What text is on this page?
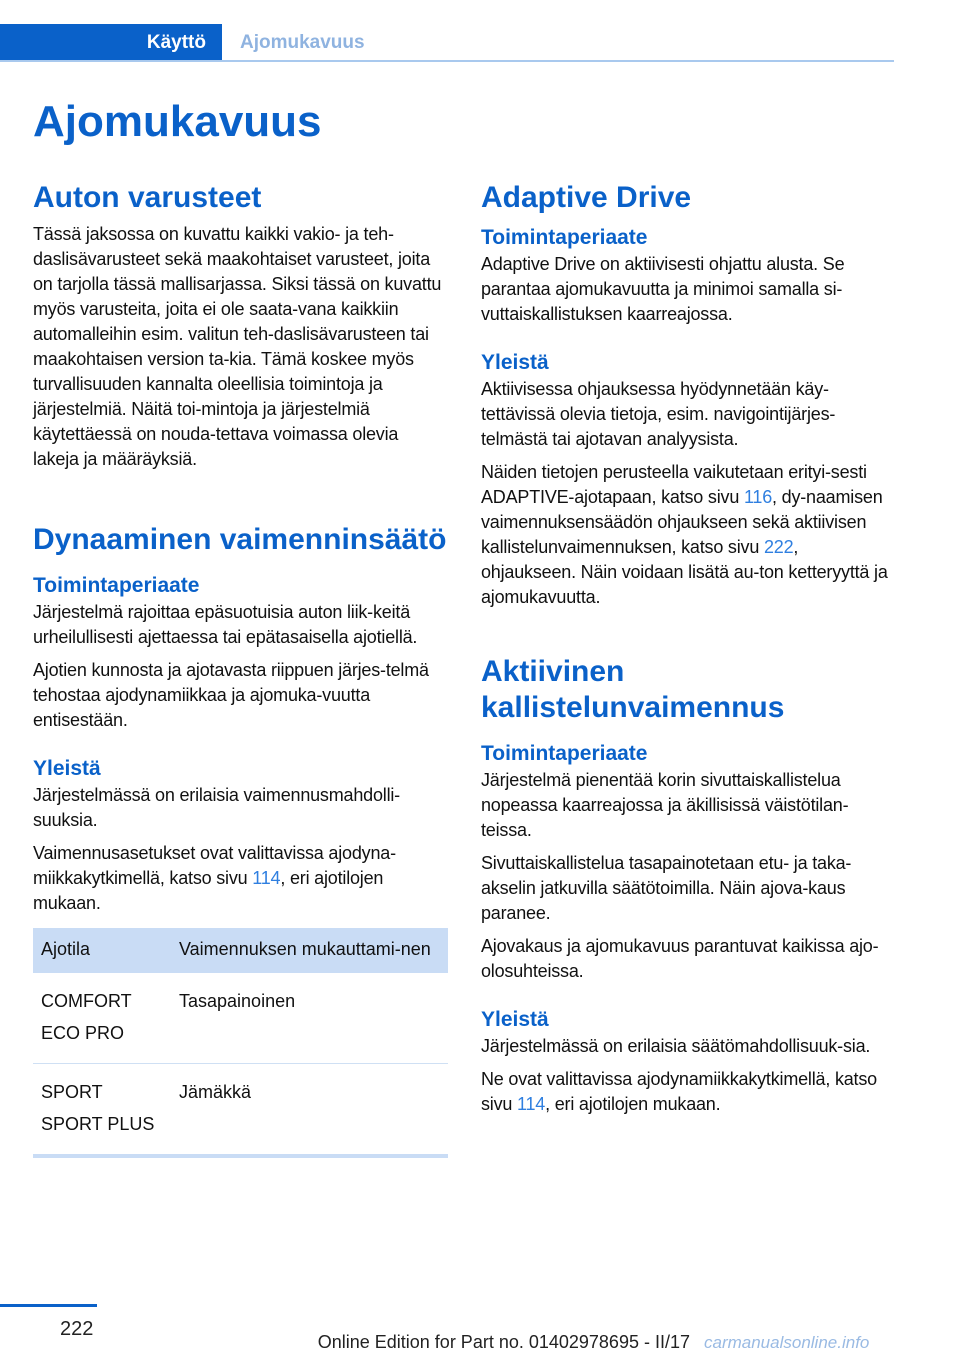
Käyttö	Ajomukavuus
Ajomukavuus
Auton varusteet

Tässä jaksossa on kuvattu kaikki vakio- ja teh-daslisävarusteet sekä maakohtaiset varusteet, joita on tarjolla tässä mallisarjassa. Siksi tässä on kuvattu myös varusteita, joita ei ole saata-vana kaikkiin automalleihin esim. valitun teh-daslisävarusteen tai maakohtaisen version ta-kia. Tämä koskee myös turvallisuuden kannalta oleellisia toimintoja ja järjestelmiä. Näitä toi-mintoja ja järjestelmiä käytettäessä on nouda-tettava voimassa olevia lakeja ja määräyksiä.

Dynaaminen vaimenninsäätö
Toimintaperiaate

Järjestelmä rajoittaa epäsuotuisia auton liik-keitä urheilullisesti ajettaessa tai epätasaisella ajotiellä.

Ajotien kunnosta ja ajotavasta riippuen järjes-telmä tehostaa ajodynamiikkaa ja ajomuka-vuutta entisestään.

Yleistä

Järjestelmässä on erilaisia vaimennusmahdolli-suuksia.

Vaimennusasetukset ovat valittavissa ajodyna-miikkakytkimellä, katso sivu 114, eri ajotilojen mukaan.

Ajotila	Vaimennuksen mukauttami-nen

COMFORT
ECO PRO	Tasapainoinen

SPORT
SPORT PLUS	Jämäkkä
Adaptive Drive
Toimintaperiaate

Adaptive Drive on aktiivisesti ohjattu alusta. Se parantaa ajomukavuutta ja minimoi samalla si-vuttaiskallistuksen kaarreajossa.

Yleistä

Aktiivisessa ohjauksessa hyödynnetään käy-tettävissä olevia tietoja, esim. navigointijärjes-telmästä tai ajotavan analyysista.

Näiden tietojen perusteella vaikutetaan erityi-sesti ADAPTIVE-ajotapaan, katso sivu 116, dy-naamisen vaimennuksensäädön ohjaukseen sekä aktiivisen kallistelunvaimennuksen, katso sivu 222, ohjaukseen. Näin voidaan lisätä au-ton ketteryyttä ja ajomukavuutta.

Aktiivinen
kallistelunvaimennus
Toimintaperiaate

Järjestelmä pienentää korin sivuttaiskallistelua nopeassa kaarreajossa ja äkillisissä väistötilan-teissa.

Sivuttaiskallistelua tasapainotetaan etu- ja taka-akselin jatkuvilla säätötoimilla. Näin ajova-kaus paranee.

Ajovakaus ja ajomukavuus parantuvat kaikissa ajo-olosuhteissa.

Yleistä

Järjestelmässä on erilaisia säätömahdollisuuk-sia.

Ne ovat valittavissa ajodynamiikkakytkimellä, katso sivu 114, eri ajotilojen mukaan.

222
Online Edition for Part no. 01402978695 - II/17 carmanualsonline.info
